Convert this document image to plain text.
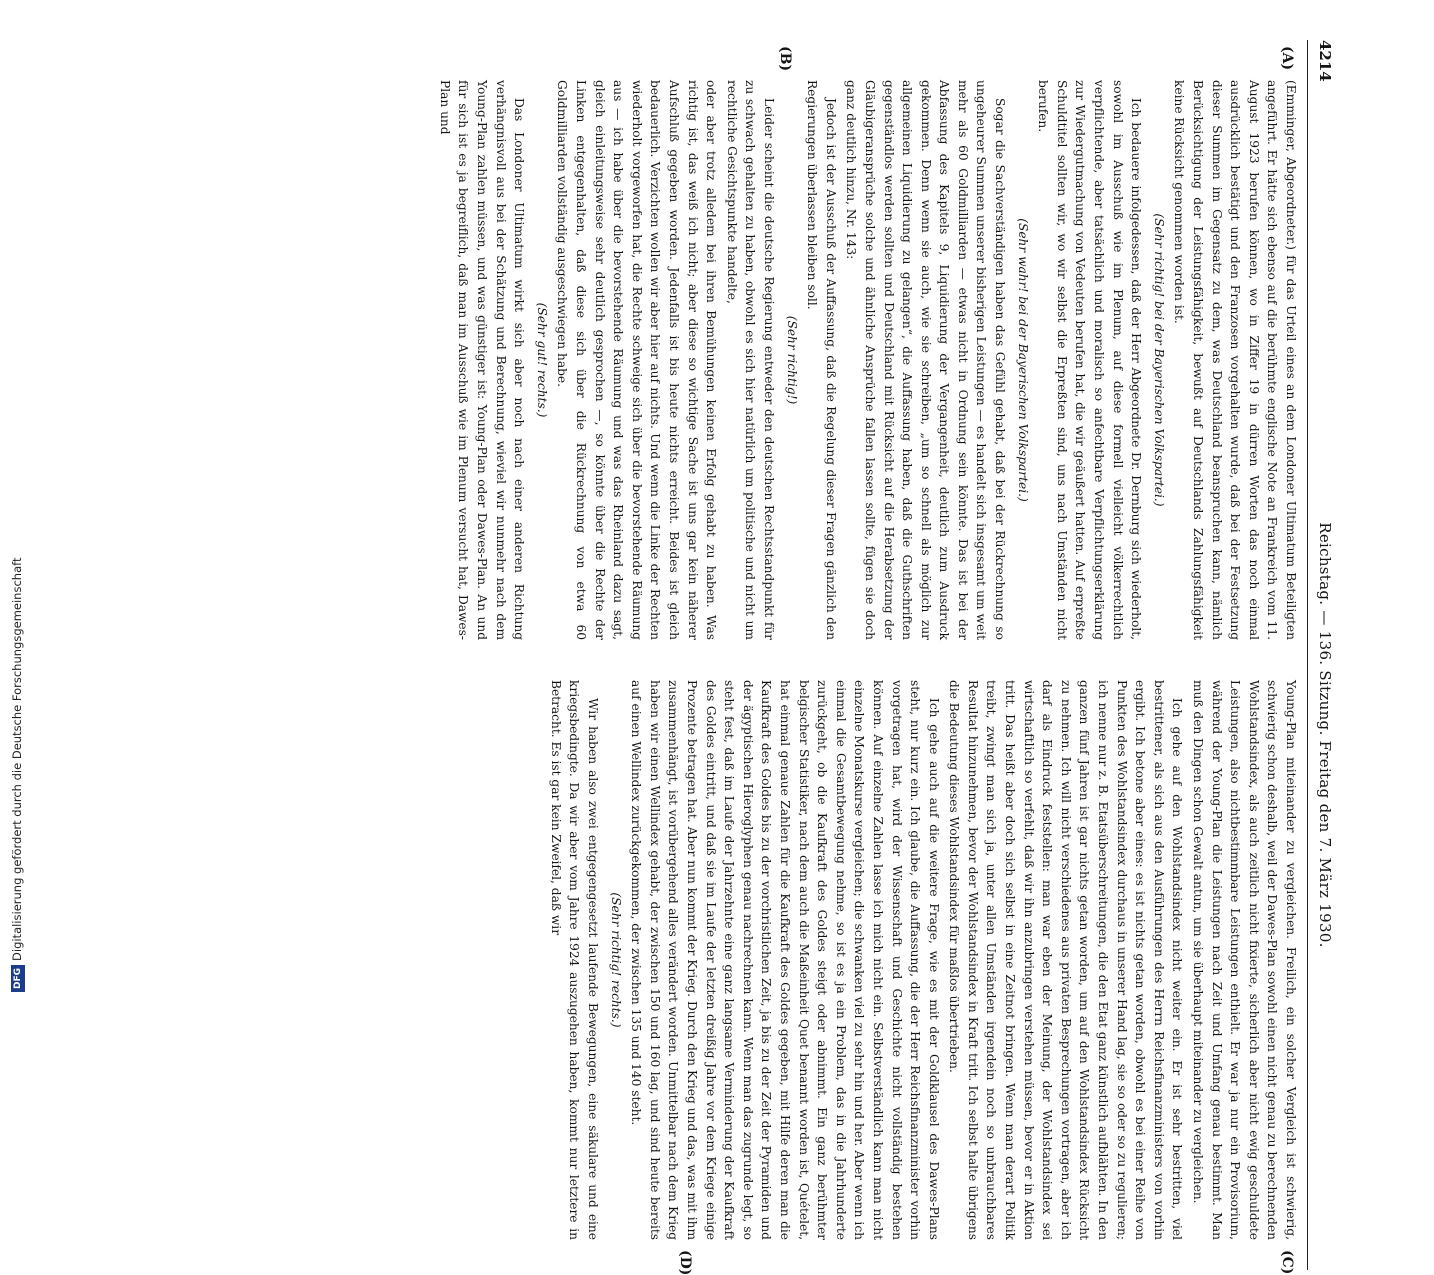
4214
Reichstag. — 136. Sitzung. Freitag den 7. März 1930.
(A)
(B)
(C)
(D)

(Emminger, Abgeordneter.) für das Urteil eines an dem Londoner Ultimatum Beteiligten angeführt. Er hätte sich ebenso auf die berühmte englische Note an Frankreich vom 11. August 1923 berufen können, wo in Ziffer 19 in dürren Worten das noch einmal ausdrücklich bestätigt und den Franzosen vorgehalten wurde, daß bei der Festsetzung dieser Summen im Gegensatz zu dem, was Deutschland beanspruchen kann, nämlich Berücksichtigung der Leistungsfähigkeit, bewußt auf Deutschlands Zahlungsfähigkeit keine Rücksicht genommen worden ist.

(Sehr richtig! bei der Bayerischen Volkspartei.)

Ich bedauere infolgedessen, daß der Herr Abgeordnete Dr. Dernburg sich wiederholt, sowohl im Ausschuß wie im Plenum, auf diese formell vielleicht völkerrechtlich verpflichtende, aber tatsächlich und moralisch so anfechtbare Verpflichtungserklärung zur Wiedergutmachung von Vedeuten berufen hat, die wir geäußert hatten. Auf erpreßte Schuldtitel sollten wir, wo wir selbst die Erpreßten sind, uns nach Umständen nicht berufen.

(Sehr wahr! bei der Bayerischen Volkspartei.)

Sogar die Sachverständigen haben das Gefühl gehabt, daß bei der Rückrechnung so ungeheurer Summen unserer bisherigen Leistungen — es handelt sich insgesamt um weit mehr als 60 Goldmilliarden — etwas nicht in Ordnung sein könnte. Das ist bei der Abfassung des Kapitels 9, Liquidierung der Vergangenheit, deutlich zum Ausdruck gekommen. Denn wenn sie auch, wie sie schreiben, „um so schnell als möglich zur allgemeinen Liquidierung zu gelangen“, die Auffassung haben, daß die Guthschriften gegenständlos werden sollten und Deutschland mit Rücksicht auf die Herabsetzung der Gläubigeransprüche solche und ähnliche Ansprüche fallen lassen sollte, fügen sie doch ganz deutlich hinzu, Nr. 143:

Jedoch ist der Ausschuß der Auffassung, daß die Regelung dieser Fragen gänzlich den Regierungen überlassen bleiben soll.

(Sehr richtig!)

Leider scheint die deutsche Regierung entweder den deutschen Rechtsstandpunkt für zu schwach gehalten zu haben, obwohl es sich hier natürlich um politische und nicht um rechtliche Gesichtspunkte handelte,

oder aber trotz alledem bei ihren Bemühungen keinen Erfolg gehabt zu haben. Was richtig ist, das weiß ich nicht; aber diese so wichtige Sache ist uns gar kein näherer Aufschluß gegeben worden. Jedenfalls ist bis heute nichts erreicht. Beides ist gleich bedauerlich. Verzichten wollen wir aber hier auf nichts. Und wenn die Linke der Rechten wiederholt vorgeworfen hat, die Rechte schweige sich über die bevorstehende Räumung aus — ich habe über die bevorstehende Räumung und was das Rheinland dazu sagt, gleich einleitungsweise sehr deutlich gesprochen —, so könnte über die Rechte der Linken entgegenhalten, daß diese sich über die Rückrechnung von etwa 60 Goldmilliarden vollständig ausgeschwiegen habe.

(Sehr gut! rechts.)

Das Londoner Ultimatum wirkt sich aber noch nach einer anderen Richtung verhängnisvoll aus bei der Schätzung und Berechnung, wieviel wir nunmehr nach dem Young-Plan zahlen müssen, und was günstiger ist: Young-Plan oder Dawes-Plan. An und für sich ist es ja begreiflich, daß man im Ausschuß wie im Plenum versucht hat, Dawes-Plan und

Young-Plan miteinander zu vergleichen. Freilich, ein solcher Vergleich ist schwierig, schwierig schon deshalb, weil der Dawes-Plan sowohl einen nicht genau zu berechnenden Wohlstandsindex, als auch zeitlich nicht fixierte, sicherlich aber nicht ewig geschuldete Leistungen, also nichtbestimmbare Leistungen enthielt. Er war ja nur ein Provisorium, während der Young-Plan die Leistungen nach Zeit und Umfang genau bestimmt. Man muß den Dingen schon Gewalt antun, um sie überhaupt miteinander zu vergleichen.

Ich gehe auf den Wohlstandsindex nicht weiter ein. Er ist sehr bestritten, viel bestrittener, als sich aus den Ausführungen des Herrn Reichsfinanzministers von vorhin ergibt. Ich betone aber eines: es ist nichts getan worden, obwohl es bei einer Reihe von Punkten des Wohlstandsindex durchaus in unserer Hand lag, sie so oder so zu regulieren; ich nenne nur z. B. Etatsüberschreitungen, die den Etat ganz künstlich aufblähten. In den ganzen fünf Jahren ist gar nichts getan worden, um auf den Wohlstandsindex Rücksicht zu nehmen. Ich will nicht verschiedenes aus privaten Besprechungen vortragen, aber ich darf als Eindruck feststellen: man war eben der Meinung, der Wohlstandsindex sei wirtschaftlich so verfehlt, daß wir ihn anzubringen verstehen müssen, bevor er in Aktion tritt. Das heißt aber doch sich selbst in eine Zeitnot bringen. Wenn man derart Politik treibt, zwingt man sich ja, unter allen Umständen irgendein noch so unbrauchbares Resultat hinzunehmen, bevor der Wohlstandsindex in Kraft tritt. Ich selbst halte übrigens die Bedeutung dieses Wohlstandsindex für maßlos übertrieben.

Ich gehe auch auf die weitere Frage, wie es mit der Goldklausel des Dawes-Plans steht, nur kurz ein. Ich glaube, die Auffassung, die der Herr Reichsfinanzminister vorhin vorgetragen hat, wird der Wissenschaft und Geschichte nicht vollständig bestehen können. Auf einzelne Zahlen lasse ich mich nicht ein. Selbstverständlich kann man nicht einzelne Monatskurse vergleichen; die schwanken viel zu sehr hin und her. Aber wenn ich einmal die Gesamtbewegung nehme, so ist es ja ein Problem, das in die Jahrhunderte zurückgeht, ob die Kaufkraft des Goldes steigt oder abnimmt. Ein ganz berühmter belgischer Statistiker, nach dem auch die Maßeinheit Quet benannt worden ist, Quételet, hat einmal genaue Zahlen für die Kaufkraft des Goldes gegeben, mit Hilfe deren man die Kaufkraft des Goldes bis zu der vorchristlichen Zeit, ja bis zu der Zeit der Pyramiden und der ägyptischen Hieroglyphen genau nachrechnen kann. Wenn man das zugrunde legt, so steht fest, daß im Laufe der Jahrzehnte eine ganz langsame Verminderung der Kaufkraft des Goldes eintritt, und daß sie im Laufe der letzten dreißig Jahre vor dem Kriege einige Prozente betragen hat. Aber nun kommt der Krieg. Durch den Krieg und das, was mit ihm zusammenhängt, ist vorübergehend alles verändert worden. Unmittelbar nach dem Krieg haben wir einen Wellindex gehabt, der zwischen 150 und 160 lag, und sind heute bereits auf einen Wellindex zurückgekommen, der zwischen 135 und 140 steht.

(Sehr richtig! rechts.)

Wir haben also zwei entgegengesetzt laufende Bewegungen, eine säkulare und eine kriegsbedingte. Da wir aber vom Jahre 1924 auszugehen haben, kommt nur letztere in Betracht. Es ist gar kein Zweifel, daß wir

DFGDigitalisierung gefördert durch die Deutsche Forschungsgemeinschaft
